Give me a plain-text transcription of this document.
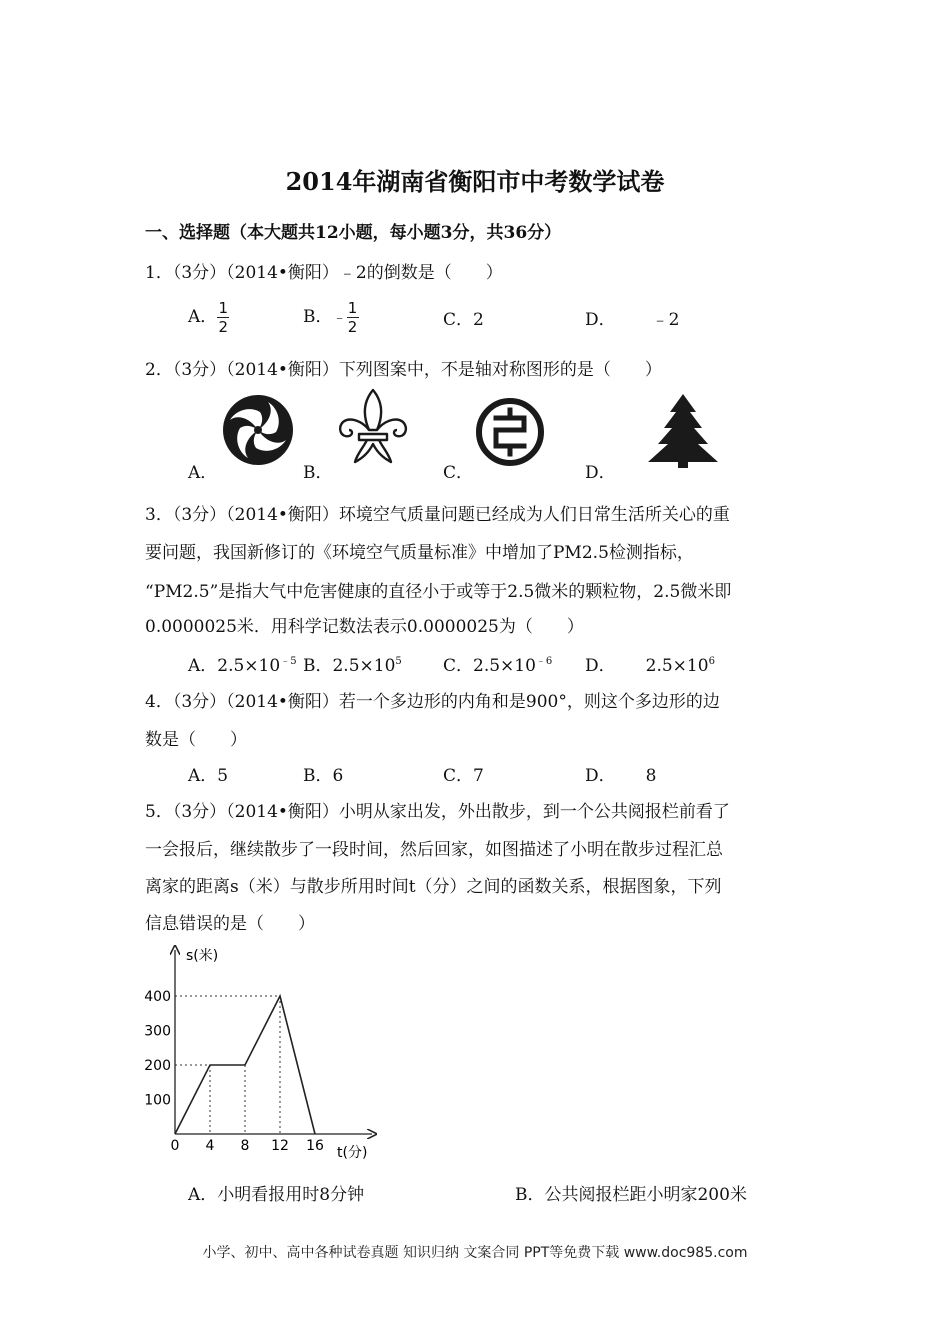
2014年湖南省衡阳市中考数学试卷
一、选择题（本大题共12小题，每小题3分，共36分）
1．（3分）（2014•衡阳）﹣2的倒数是（　　）
A． $\frac{1}{2}$	B．﹣ $\frac{1}{2}$	C．2	D． ﹣2
2．（3分）（2014•衡阳）下列图案中，不是轴对称图形的是（　　）
A．	B．	C．	D．
3．（3分）（2014•衡阳）环境空气质量问题已经成为人们日常生活所关心的重
要问题，我国新修订的《环境空气质量标准》中增加了PM2.5检测指标，
“PM2.5”是指大气中危害健康的直径小于或等于2.5微米的颗粒物，2.5微米即
0.0000025米．用科学记数法表示0.0000025为（　　）
A．$2.5\times 10^{﹣5}$ B．$2.5\times 10^5$ C．$2.5\times 10^{﹣6}$ D． $2.5\times 10^6$
4．（3分）（2014•衡阳）若一个多边形的内角和是900°，则这个多边形的边
数是（　　）
A．5	B．6	C．7	D． 8
5．（3分）（2014•衡阳）小明从家出发，外出散步，到一个公共阅报栏前看了
一会报后，继续散步了一段时间，然后回家，如图描述了小明在散步过程汇总
离家的距离s（米）与散步所用时间t（分）之间的函数关系，根据图象，下列
信息错误的是（　　）
100
200
300
400
0 4 8 12 16
s(米)
t(分)
A．小明看报用时8分钟	B．公共阅报栏距小明家200米
小学、初中、高中各种试卷真题 知识归纳 文案合同 PPT等免费下载 www.doc985.com
